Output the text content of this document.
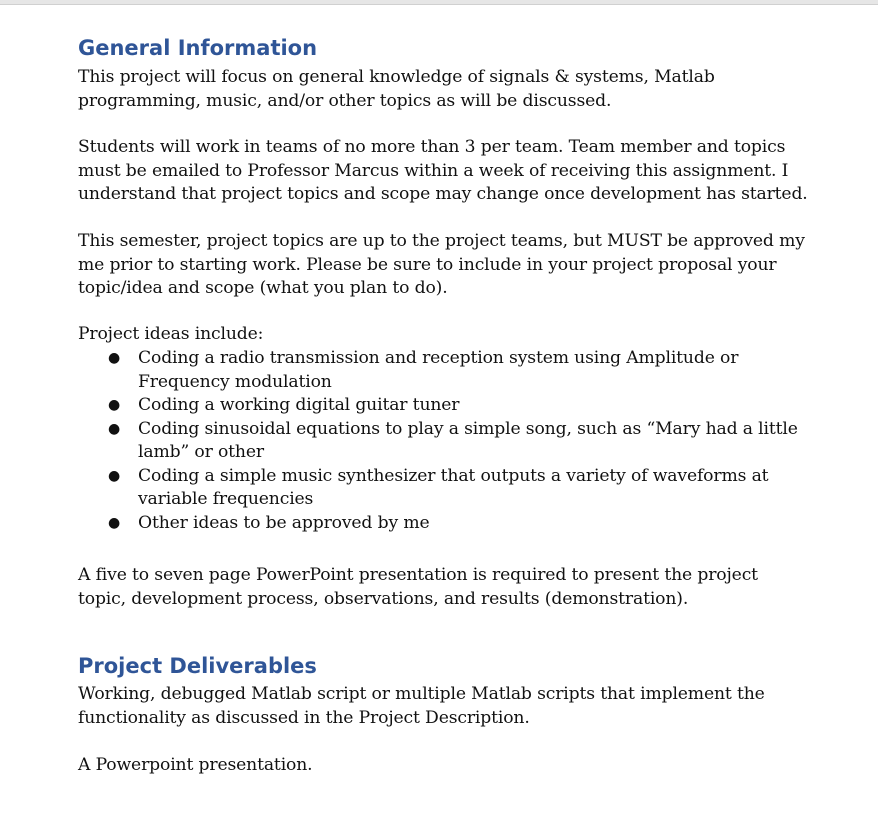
General Information
This project will focus on general knowledge of signals & systems, Matlab
programming, music, and/or other topics as will be discussed.
Students will work in teams of no more than 3 per team. Team member and topics
must be emailed to Professor Marcus within a week of receiving this assignment. I
understand that project topics and scope may change once development has started.
This semester, project topics are up to the project teams, but MUST be approved my
me prior to starting work. Please be sure to include in your project proposal your
topic/idea and scope (what you plan to do).
Project ideas include:
● Coding a radio transmission and reception system using Amplitude or
Frequency modulation
● Coding a working digital guitar tuner
● Coding sinusoidal equations to play a simple song, such as “Mary had a little
lamb” or other
● Coding a simple music synthesizer that outputs a variety of waveforms at
variable frequencies
● Other ideas to be approved by me
A five to seven page PowerPoint presentation is required to present the project
topic, development process, observations, and results (demonstration).
Project Deliverables
Working, debugged Matlab script or multiple Matlab scripts that implement the
functionality as discussed in the Project Description.
A Powerpoint presentation.
